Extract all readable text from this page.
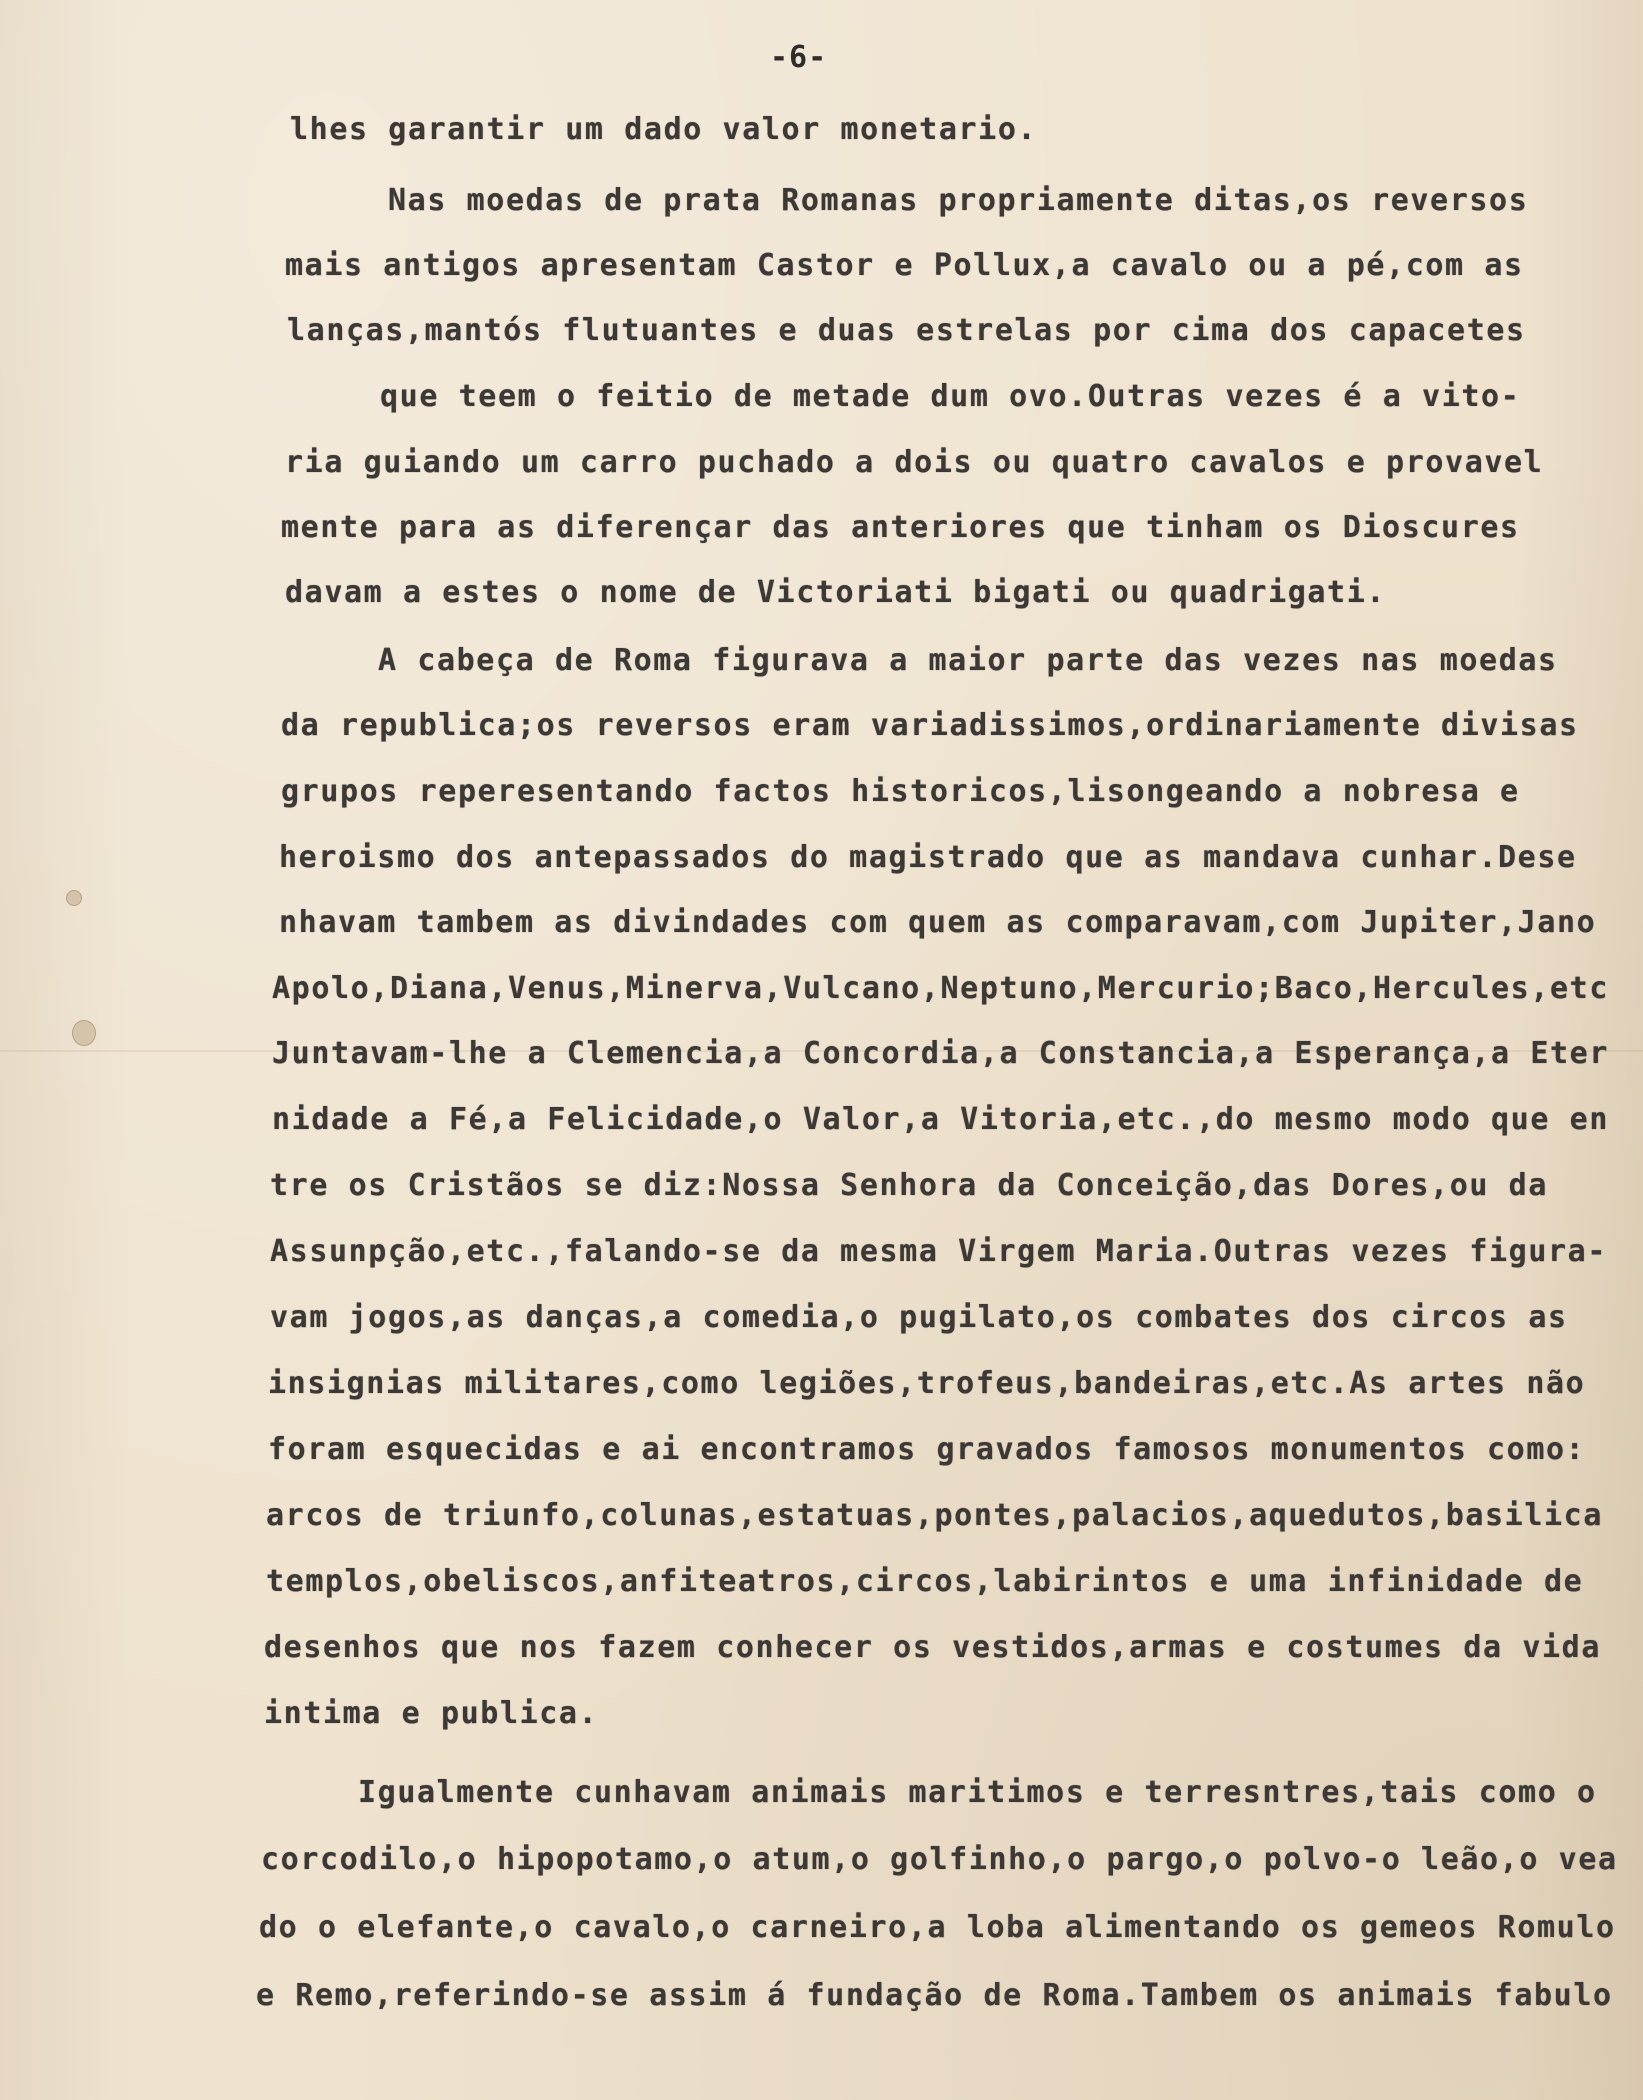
-6-
lhes garantir um dado valor monetario.
Nas moedas de prata Romanas propriamente ditas,os reversos
mais antigos apresentam Castor e Pollux,a cavalo ou a pé,com as
lanças,mantós flutuantes e duas estrelas por cima dos capacetes
que teem o feitio de metade dum ovo.Outras vezes é a vito-
ria guiando um carro puchado a dois ou quatro cavalos e provavel
mente para as diferençar das anteriores que tinham os Dioscures
davam a estes o nome de Victoriati bigati ou quadrigati.
A cabeça de Roma figurava a maior parte das vezes nas moedas
da republica;os reversos eram variadissimos,ordinariamente divisas
grupos reperesentando factos historicos,lisongeando a nobresa e
heroismo dos antepassados do magistrado que as mandava cunhar.Dese
nhavam tambem as divindades com quem as comparavam,com Jupiter,Jano
Apolo,Diana,Venus,Minerva,Vulcano,Neptuno,Mercurio;Baco,Hercules,etc
Juntavam-lhe a Clemencia,a Concordia,a Constancia,a Esperança,a Eter
nidade a Fé,a Felicidade,o Valor,a Vitoria,etc.,do mesmo modo que en
tre os Cristãos se diz:Nossa Senhora da Conceição,das Dores,ou da
Assunpção,etc.,falando-se da mesma Virgem Maria.Outras vezes figura-
vam jogos,as danças,a comedia,o pugilato,os combates dos circos as
insignias militares,como legiões,trofeus,bandeiras,etc.As artes não
foram esquecidas e ai encontramos gravados famosos monumentos como:
arcos de triunfo,colunas,estatuas,pontes,palacios,aquedutos,basilica
templos,obeliscos,anfiteatros,circos,labirintos e uma infinidade de
desenhos que nos fazem conhecer os vestidos,armas e costumes da vida
intima e publica.
Igualmente cunhavam animais maritimos e terresntres,tais como o
corcodilo,o hipopotamo,o atum,o golfinho,o pargo,o polvo-o leão,o vea
do o elefante,o cavalo,o carneiro,a loba alimentando os gemeos Romulo
e Remo,referindo-se assim á fundação de Roma.Tambem os animais fabulo
